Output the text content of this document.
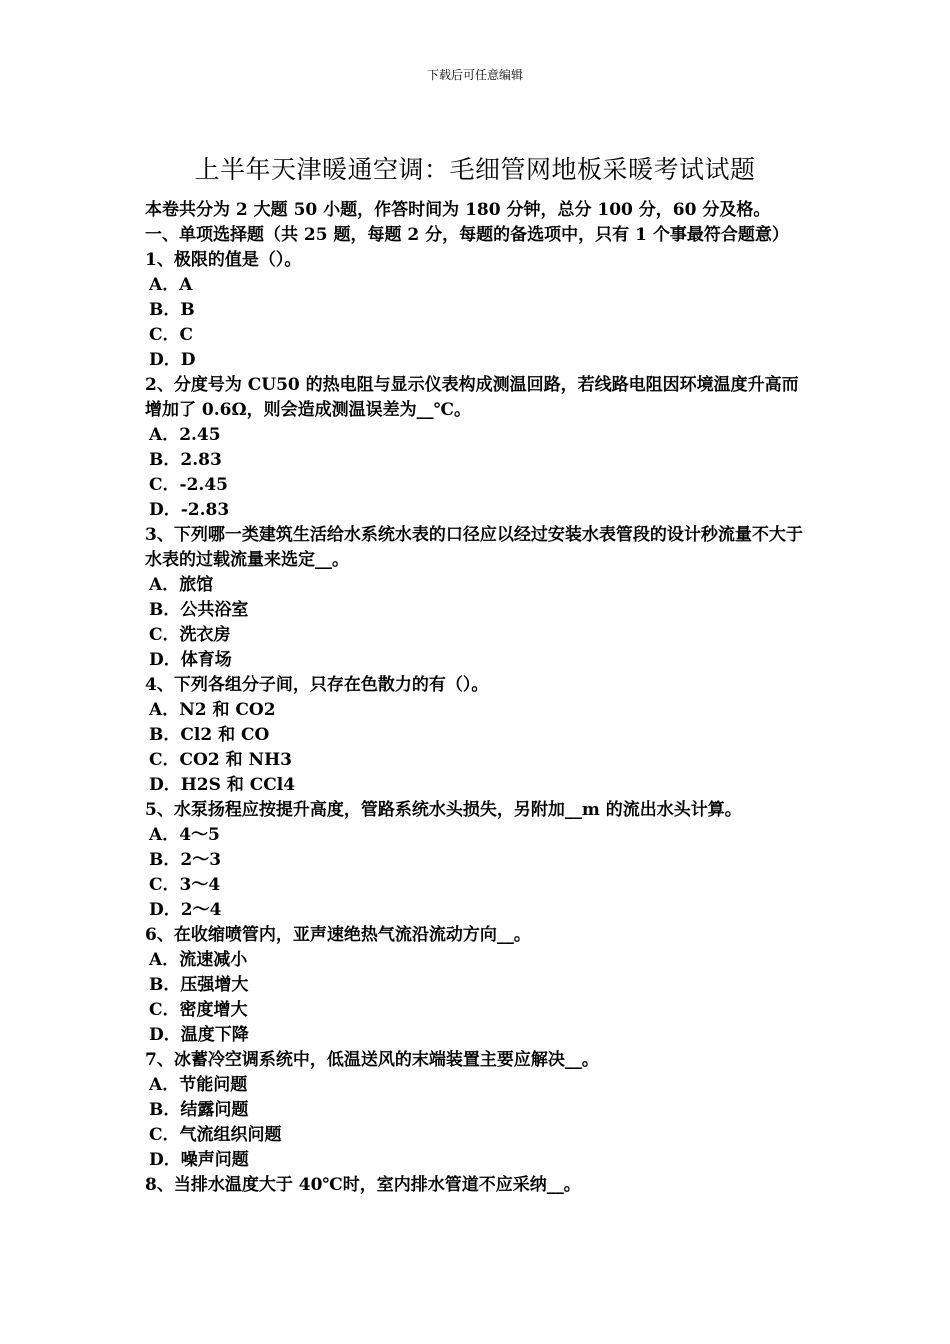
下载后可任意编辑
上半年天津暖通空调：毛细管网地板采暖考试试题
本卷共分为 2 大题 50 小题，作答时间为 180 分钟，总分 100 分，60 分及格。
一、单项选择题（共 25 题，每题 2 分，每题的备选项中，只有 1 个事最符合题意）
1、极限的值是（）。
A．A
B．B
C．C
D．D
2、分度号为 CU50 的热电阻与显示仪表构成测温回路，若线路电阻因环境温度升高而增加了 0.6Ω，则会造成测温误差为__℃。
A．2.45
B．2.83
C．-2.45
D．-2.83
3、下列哪一类建筑生活给水系统水表的口径应以经过安装水表管段的设计秒流量不大于水表的过载流量来选定__。
A．旅馆
B．公共浴室
C．洗衣房
D．体育场
4、下列各组分子间，只存在色散力的有（）。
A．N2 和 CO2
B．Cl2 和 CO
C．CO2 和 NH3
D．H2S 和 CCl4
5、水泵扬程应按提升高度，管路系统水头损失，另附加__m 的流出水头计算。
A．4～5
B．2～3
C．3～4
D．2～4
6、在收缩喷管内，亚声速绝热气流沿流动方向__。
A．流速减小
B．压强增大
C．密度增大
D．温度下降
7、冰蓄冷空调系统中，低温送风的末端装置主要应解决__。
A．节能问题
B．结露问题
C．气流组织问题
D．噪声问题
8、当排水温度大于 40℃时，室内排水管道不应采纳__。
